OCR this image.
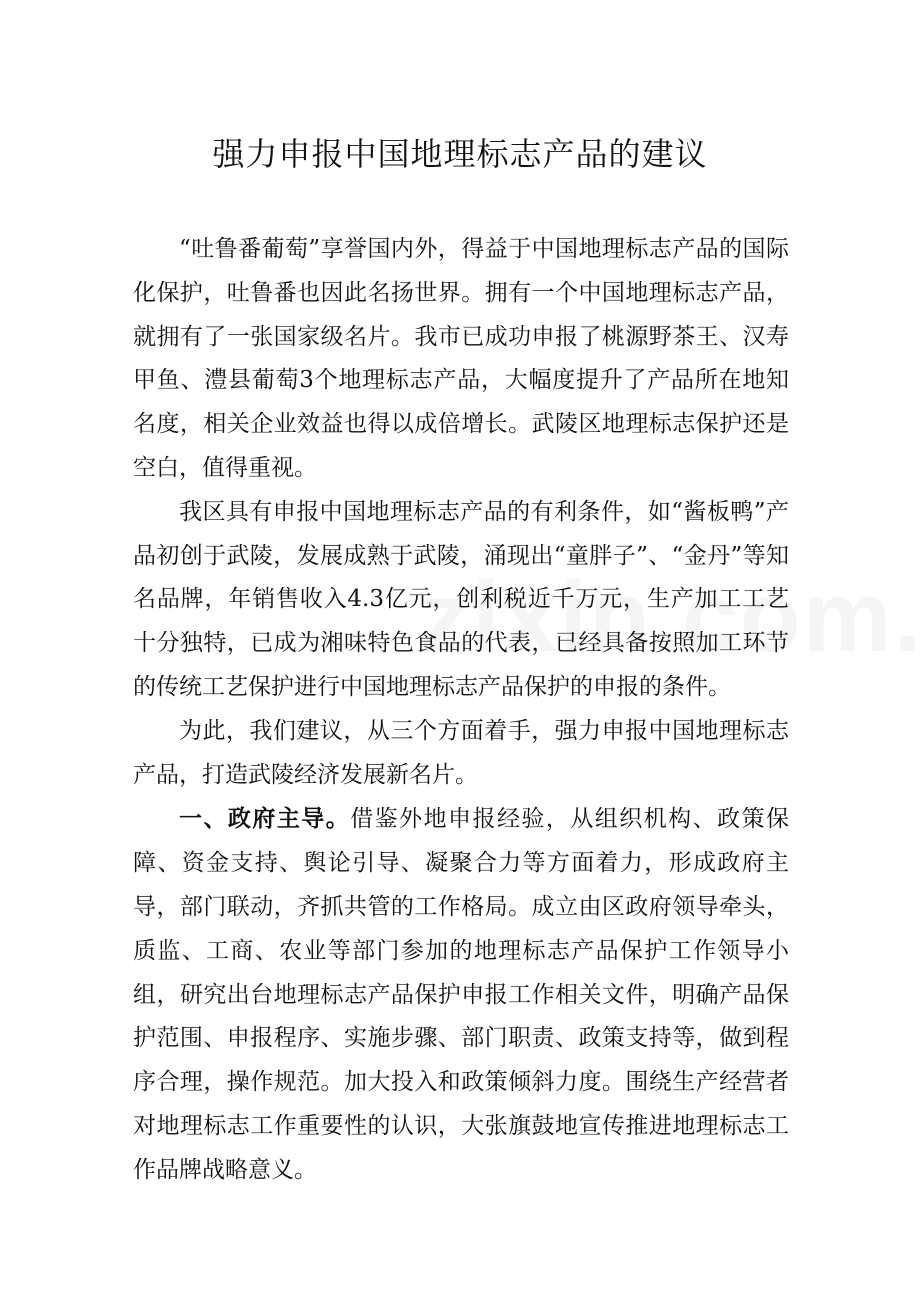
强力申报中国地理标志产品的建议

“吐鲁番葡萄”享誉国内外，得益于中国地理标志产品的国际化保护，吐鲁番也因此名扬世界。拥有一个中国地理标志产品，就拥有了一张国家级名片。我市已成功申报了桃源野茶王、汉寿甲鱼、澧县葡萄3个地理标志产品，大幅度提升了产品所在地知名度，相关企业效益也得以成倍增长。武陵区地理标志保护还是空白，值得重视。

我区具有申报中国地理标志产品的有利条件，如“酱板鸭”产品初创于武陵，发展成熟于武陵，涌现出“童胖子”、“金丹”等知名品牌，年销售收入4.3亿元，创利税近千万元，生产加工工艺十分独特，已成为湘味特色食品的代表，已经具备按照加工环节的传统工艺保护进行中国地理标志产品保护的申报的条件。

为此，我们建议，从三个方面着手，强力申报中国地理标志产品，打造武陵经济发展新名片。

一、政府主导。借鉴外地申报经验，从组织机构、政策保障、资金支持、舆论引导、凝聚合力等方面着力，形成政府主导，部门联动，齐抓共管的工作格局。成立由区政府领导牵头，质监、工商、农业等部门参加的地理标志产品保护工作领导小组，研究出台地理标志产品保护申报工作相关文件，明确产品保护范围、申报程序、实施步骤、部门职责、政策支持等，做到程序合理，操作规范。加大投入和政策倾斜力度。围绕生产经营者对地理标志工作重要性的认识，大张旗鼓地宣传推进地理标志工作品牌战略意义。
